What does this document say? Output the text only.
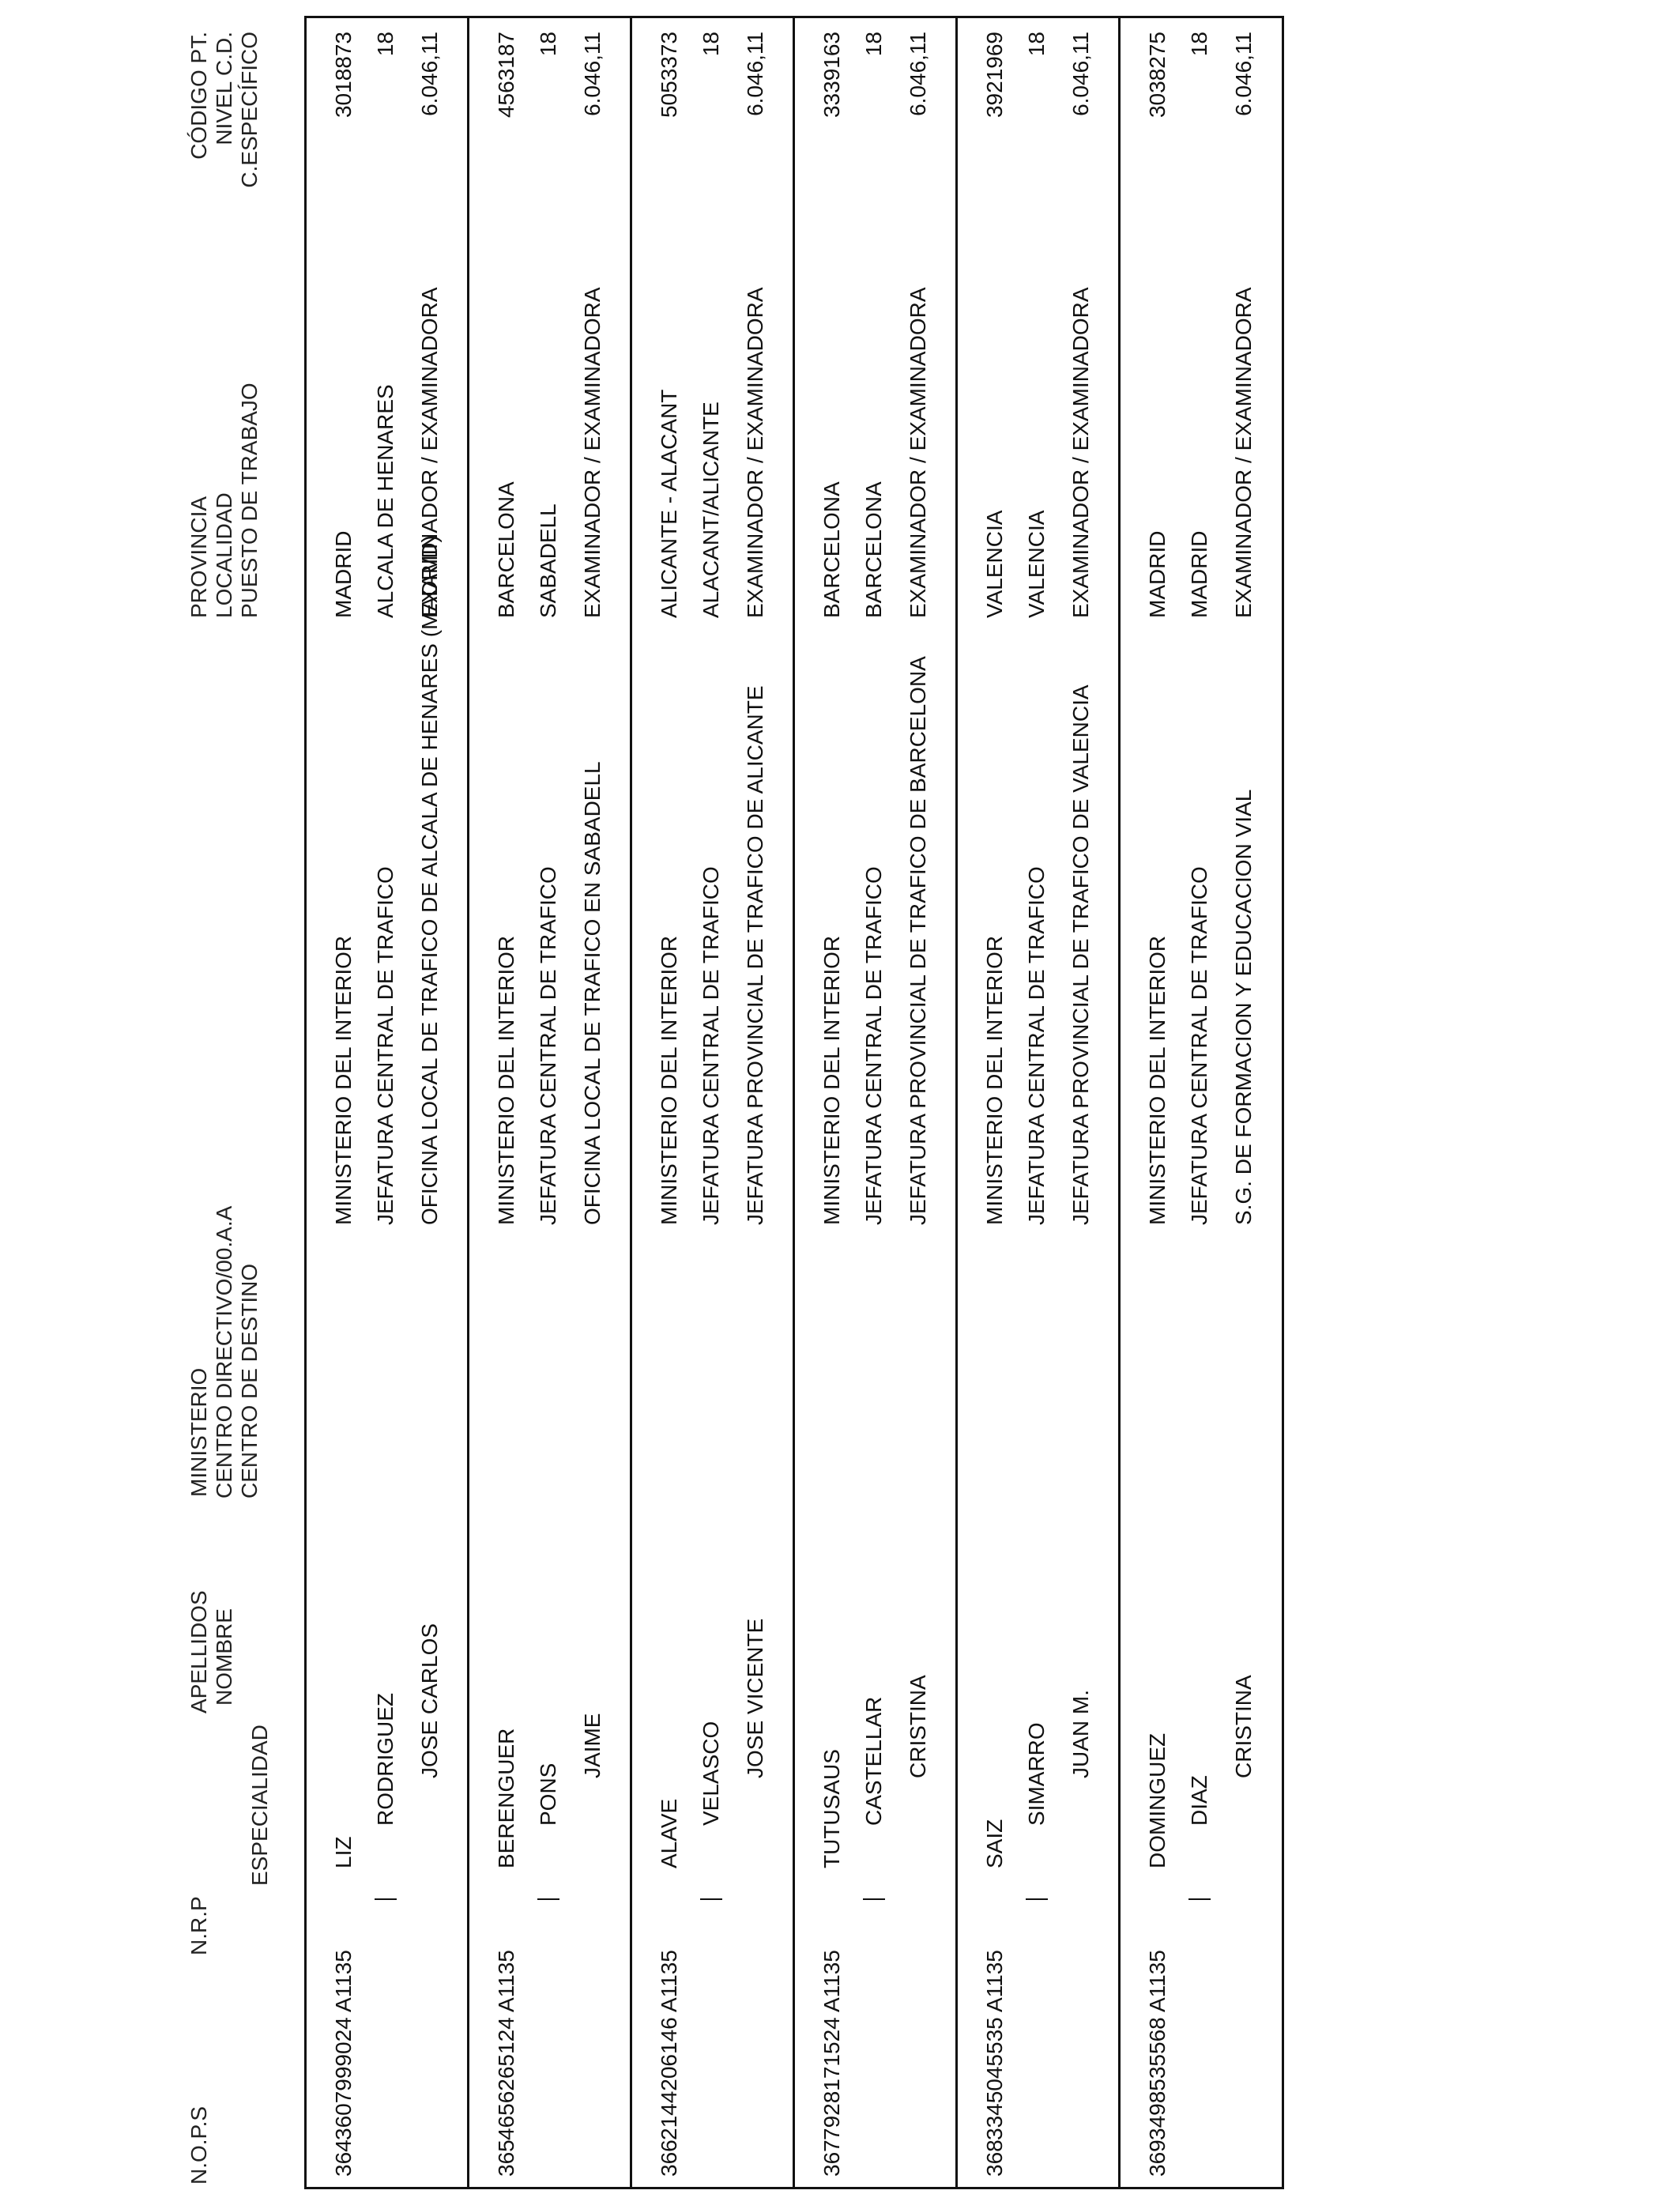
N.O.P.S
N.R.P
ESPECIALIDAD
APELLIDOS NOMBRE
MINISTERIO CENTRO DIRECTIVO/00.A.A CENTRO DE DESTINO
PROVINCIA LOCALIDAD PUESTO DE TRABAJO
CÓDIGO PT. NIVEL C.D. C.ESPECÍFICO
364
3607999024 A1135
LIZ
RODRIGUEZ JOSE CARLOS
MINISTERIO DEL INTERIOR JEFATURA CENTRAL DE TRAFICO OFICINA LOCAL DE TRAFICO DE ALCALA DE HENARES (MADRID)
MADRID ALCALA DE HENARES EXAMINADOR / EXAMINADORA
3018873 18 6.046,11
365
4656265124 A1135
BERENGUER PONS
JAIME
MINISTERIO DEL INTERIOR JEFATURA CENTRAL DE TRAFICO OFICINA LOCAL DE TRAFICO EN SABADELL
BARCELONA SABADELL EXAMINADOR / EXAMINADORA
4563187 18 6.046,11
366
2144206146 A1135
ALAVE
VELASCO JOSE VICENTE
MINISTERIO DEL INTERIOR JEFATURA CENTRAL DE TRAFICO JEFATURA PROVINCIAL DE TRAFICO DE ALICANTE
ALICANTE - ALACANT ALACANT/ALICANTE EXAMINADOR / EXAMINADORA
5053373 18 6.046,11
367
7928171524 A1135
TUTUSAUS CASTELLAR CRISTINA
MINISTERIO DEL INTERIOR JEFATURA CENTRAL DE TRAFICO JEFATURA PROVINCIAL DE TRAFICO DE BARCELONA
BARCELONA BARCELONA EXAMINADOR / EXAMINADORA
3339163 18 6.046,11
368
3345045535 A1135
SAIZ
SIMARRO JUAN M.
MINISTERIO DEL INTERIOR JEFATURA CENTRAL DE TRAFICO JEFATURA PROVINCIAL DE TRAFICO DE VALENCIA
VALENCIA VALENCIA EXAMINADOR / EXAMINADORA
3921969 18 6.046,11
369
3498535568 A1135
DOMINGUEZ DIAZ
CRISTINA
MINISTERIO DEL INTERIOR JEFATURA CENTRAL DE TRAFICO S.G. DE FORMACION Y EDUCACION VIAL
MADRID MADRID EXAMINADOR / EXAMINADORA
3038275 18 6.046,11
